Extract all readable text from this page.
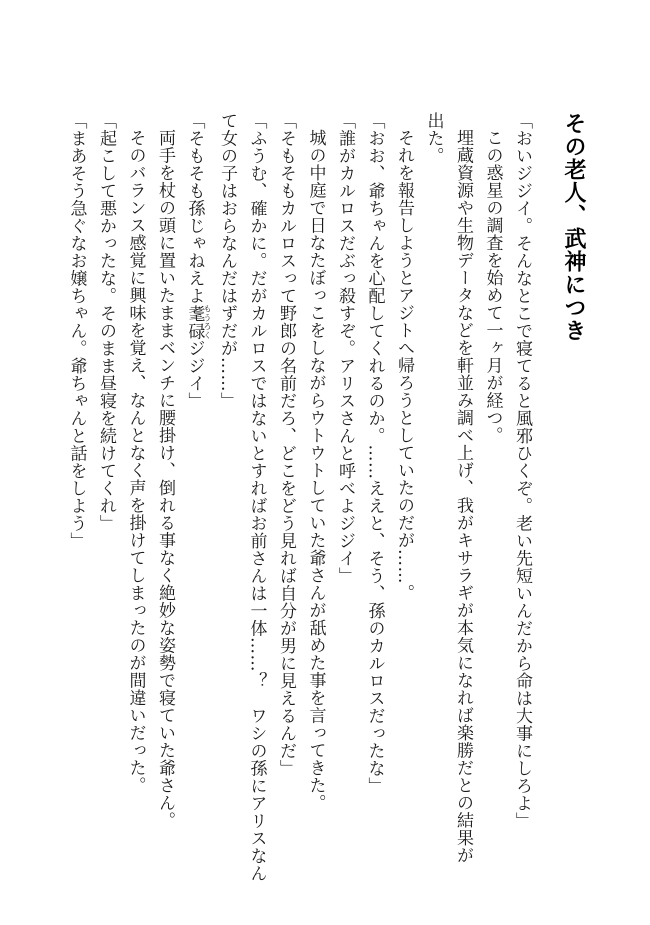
その老人、武神につき

「おいジジイ。そんなとこで寝てると風邪ひくぞ。老い先短いんだから命は大事にしろよ」

この惑星の調査を始めて一ヶ月が経つ。

埋蔵資源や生物データなどを軒並み調べ上げ、我がキサラギが本気になれば楽勝だとの結果が

出た。

それを報告しようとアジトへ帰ろうとしていたのだが……。

「おお、爺ちゃんを心配してくれるのか。……ええと、そう、孫のカルロスだったな」

「誰がカルロスだぶっ殺すぞ。アリスさんと呼べよジジイ」

城の中庭で日なたぼっこをしながらウトウトしていた爺さんが舐めた事を言ってきた。

「そもそもカルロスって野郎の名前だろ、どこをどう見れば自分が男に見えるんだ」

「ふうむ、確かに。だがカルロスではないとすればお前さんは一体……？　ワシの孫にアリスなん

て女の子はおらなんだはずだが……」

「そもそも孫じゃねえよ耄碌もうろくジジイ」

両手を杖の頭に置いたままベンチに腰掛け、倒れる事なく絶妙な姿勢で寝ていた爺さん。

そのバランス感覚に興味を覚え、なんとなく声を掛けてしまったのが間違いだった。

「起こして悪かったな。そのまま昼寝を続けてくれ」

「まあそう急ぐなお嬢ちゃん。爺ちゃんと話をしよう」
